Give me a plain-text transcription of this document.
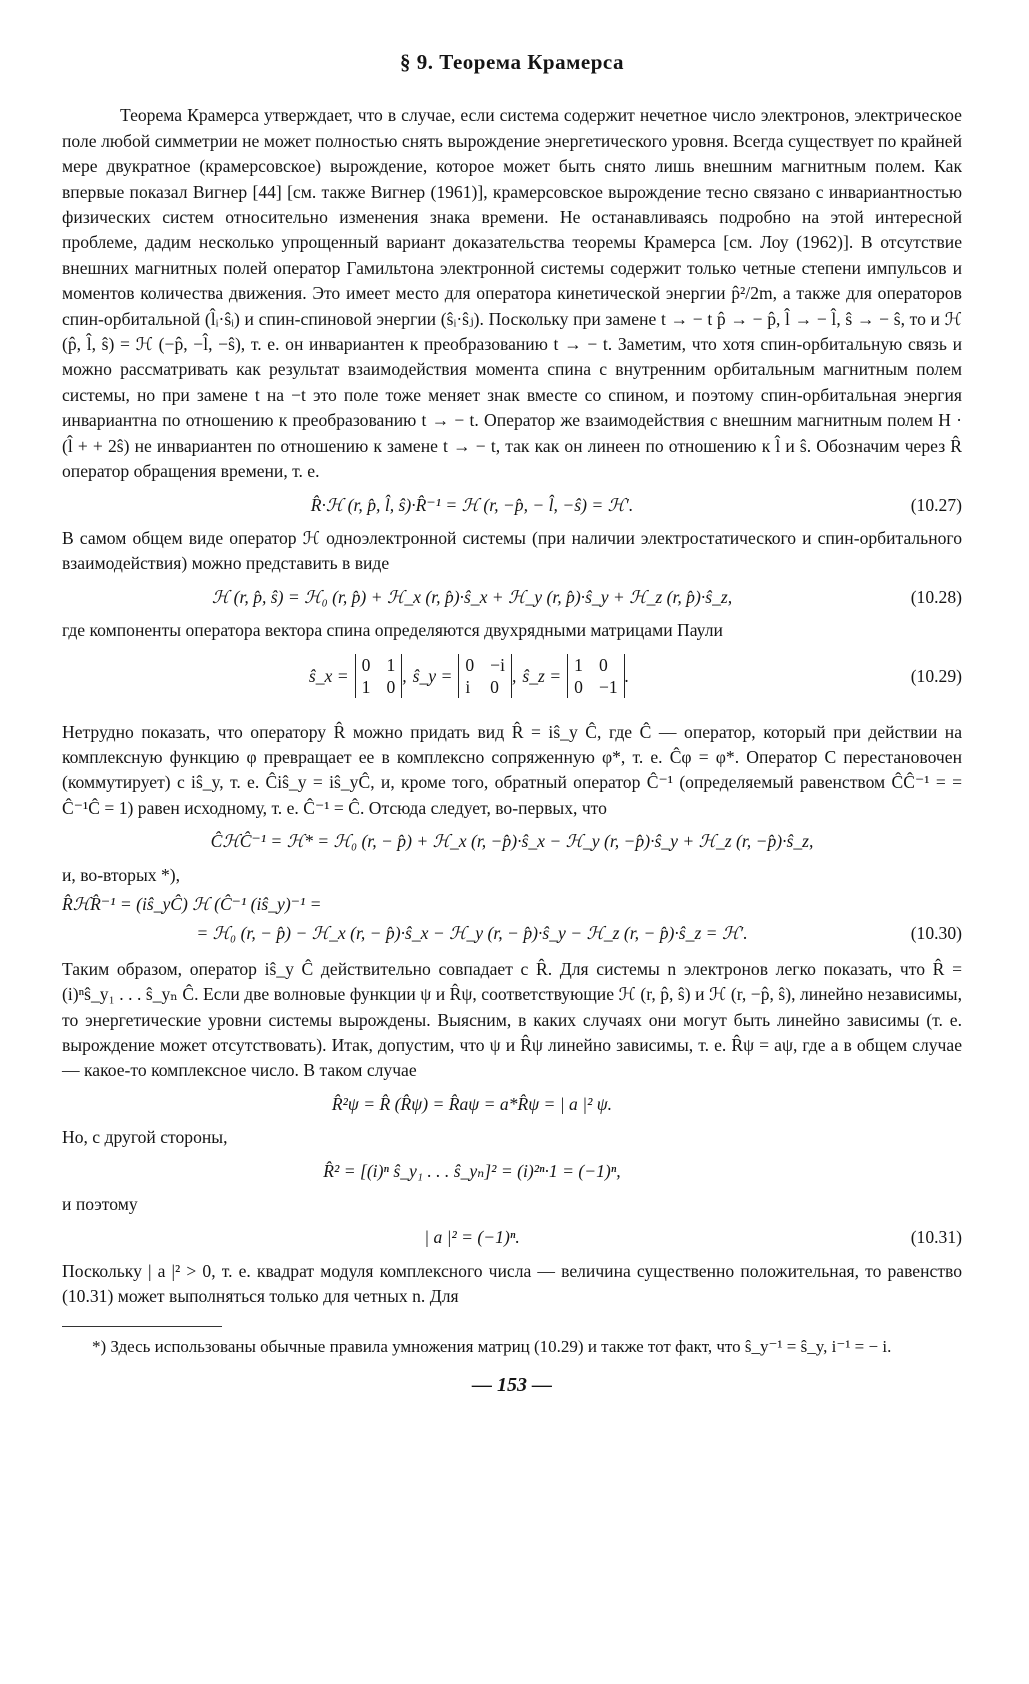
§ 9. Теорема Крамерса

Теорема Крамерса утверждает, что в случае, если система содержит нечетное число электронов, электрическое поле любой симметрии не может полностью снять вырождение энергетического уровня. Всегда существует по крайней мере двукратное (крамерсовское) вырождение, которое может быть снято лишь внешним магнитным полем. Как впервые показал Вигнер [44] [см. также Вигнер (1961)], крамерсовское вырождение тесно связано с инвариантностью физических систем относительно изменения знака времени. Не останавливаясь подробно на этой интересной проблеме, дадим несколько упрощенный вариант доказательства теоремы Крамерса [см. Лоу (1962)]. В отсутствие внешних магнитных полей оператор Гамильтона электронной системы содержит только четные степени импульсов и моментов количества движения. Это имеет место для оператора кинетической энергии p̂²/2m, а также для операторов спин-орбитальной (l̂ᵢ·ŝᵢ) и спин-спиновой энергии (ŝᵢ·ŝⱼ). Поскольку при замене t → − t p̂ → − p̂, l̂ → − l̂, ŝ → − ŝ, то и ℋ (p̂, l̂, ŝ) = ℋ (−p̂, −l̂, −ŝ), т. е. он инвариантен к преобразованию t → − t. Заметим, что хотя спин-орбитальную связь и можно рассматривать как результат взаимодействия момента спина с внутренним орбитальным магнитным полем системы, но при замене t на −t это поле тоже меняет знак вместе со спином, и поэтому спин-орбитальная энергия инвариантна по отношению к преобразованию t → − t. Оператор же взаимодействия с внешним магнитным полем H · (l̂ + + 2ŝ) не инвариантен по отношению к замене t → − t, так как он линеен по отношению к l̂ и ŝ. Обозначим через R̂ оператор обращения времени, т. е.

R̂·ℋ (r, p̂, l̂, ŝ)·R̂⁻¹ = ℋ (r, −p̂, − l̂, −ŝ) = ℋ′.	(10.27)

В самом общем виде оператор ℋ одноэлектронной системы (при наличии электростатического и спин-орбитального взаимодействия) можно представить в виде

ℋ (r, p̂, ŝ) = ℋ₀ (r, p̂) + ℋ_x (r, p̂)·ŝ_x + ℋ_y (r, p̂)·ŝ_y + ℋ_z (r, p̂)·ŝ_z,	(10.28)

где компоненты оператора вектора спина определяются двухрядными матрицами Паули

ŝ_x =
0 1
1 0
, ŝ_y =
0 −i
i 0
, ŝ_z =
1 0
0 −1
.	(10.29)

Нетрудно показать, что оператору R̂ можно придать вид R̂ = iŝ_y Ĉ, где Ĉ — оператор, который при действии на комплексную функцию φ превращает ее в комплексно сопряженную φ*, т. е. Ĉφ = φ*. Оператор C перестановочен (коммутирует) с iŝ_y, т. е. Ĉiŝ_y = iŝ_yĈ, и, кроме того, обратный оператор Ĉ⁻¹ (определяемый равенством ĈĈ⁻¹ = = Ĉ⁻¹Ĉ = 1) равен исходному, т. е. Ĉ⁻¹ = Ĉ. Отсюда следует, во-первых, что

ĈℋĈ⁻¹ = ℋ* = ℋ₀ (r, − p̂) + ℋ_x (r, −p̂)·ŝ_x − ℋ_y (r, −p̂)·ŝ_y + ℋ_z (r, −p̂)·ŝ_z,

и, во-вторых *),

R̂ℋR̂⁻¹ = (iŝ_yĈ) ℋ (Ĉ⁻¹ (iŝ_y)⁻¹ =
= ℋ₀ (r, − p̂) − ℋ_x (r, − p̂)·ŝ_x − ℋ_y (r, − p̂)·ŝ_y − ℋ_z (r, − p̂)·ŝ_z = ℋ′.	(10.30)

Таким образом, оператор iŝ_y Ĉ действительно совпадает с R̂. Для системы n электронов легко показать, что R̂ = (i)ⁿŝ_y₁ . . . ŝ_yₙ Ĉ. Если две волновые функции ψ и R̂ψ, соответствующие ℋ (r, p̂, ŝ) и ℋ (r, −p̂, ŝ), линейно независимы, то энергетические уровни системы вырождены. Выясним, в каких случаях они могут быть линейно зависимы (т. е. вырождение может отсутствовать). Итак, допустим, что ψ и R̂ψ линейно зависимы, т. е. R̂ψ = aψ, где a в общем случае — какое-то комплексное число. В таком случае

R̂²ψ = R̂ (R̂ψ) = R̂aψ = a*R̂ψ = | a |² ψ.

Но, с другой стороны,

R̂² = [(i)ⁿ ŝ_y₁ . . . ŝ_yₙ]² = (i)²ⁿ·1 = (−1)ⁿ,

и поэтому

| a |² = (−1)ⁿ.	(10.31)

Поскольку | a |² > 0, т. е. квадрат модуля комплексного числа — величина существенно положительная, то равенство (10.31) может выполняться только для четных n. Для

*) Здесь использованы обычные правила умножения матриц (10.29) и также тот факт, что ŝ_y⁻¹ = ŝ_y, i⁻¹ = − i.

— 153 —
